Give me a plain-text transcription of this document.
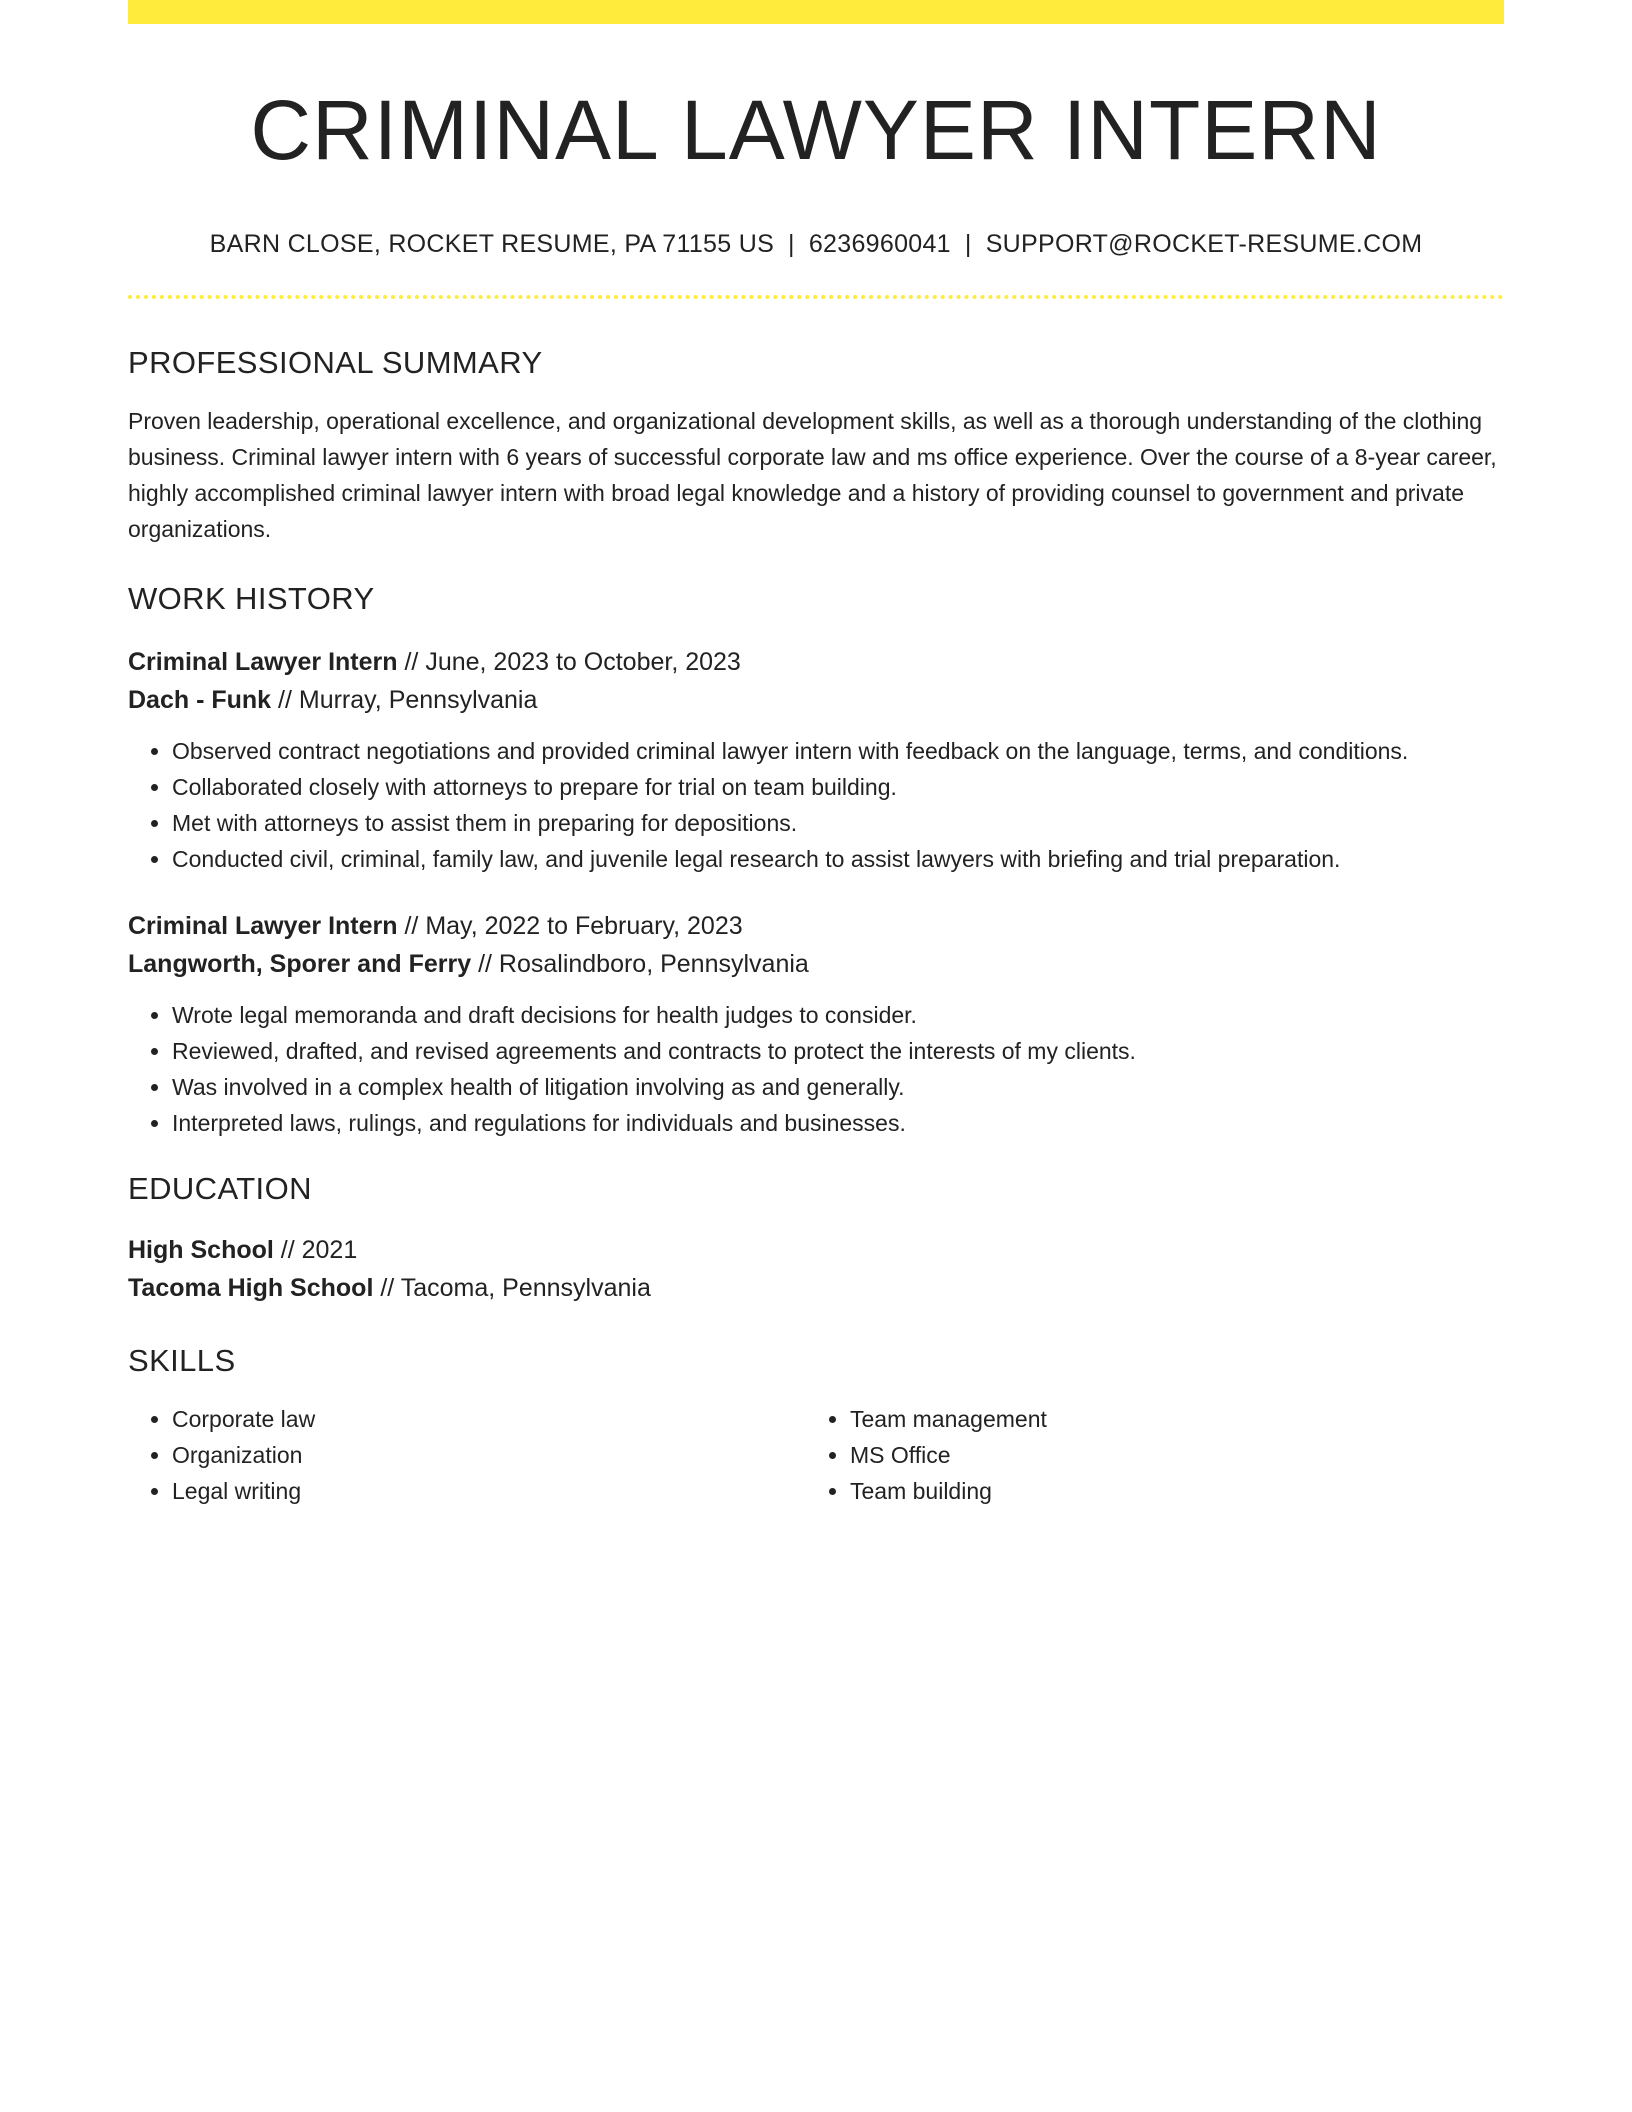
CRIMINAL LAWYER INTERN
BARN CLOSE, ROCKET RESUME, PA 71155 US | 6236960041 | SUPPORT@ROCKET-RESUME.COM
PROFESSIONAL SUMMARY
Proven leadership, operational excellence, and organizational development skills, as well as a thorough understanding of the clothing business. Criminal lawyer intern with 6 years of successful corporate law and ms office experience. Over the course of a 8-year career, highly accomplished criminal lawyer intern with broad legal knowledge and a history of providing counsel to government and private organizations.
WORK HISTORY
Criminal Lawyer Intern // June, 2023 to October, 2023
Dach - Funk // Murray, Pennsylvania
• Observed contract negotiations and provided criminal lawyer intern with feedback on the language, terms, and conditions.
• Collaborated closely with attorneys to prepare for trial on team building.
• Met with attorneys to assist them in preparing for depositions.
• Conducted civil, criminal, family law, and juvenile legal research to assist lawyers with briefing and trial preparation.
Criminal Lawyer Intern // May, 2022 to February, 2023
Langworth, Sporer and Ferry // Rosalindboro, Pennsylvania
• Wrote legal memoranda and draft decisions for health judges to consider.
• Reviewed, drafted, and revised agreements and contracts to protect the interests of my clients.
• Was involved in a complex health of litigation involving as and generally.
• Interpreted laws, rulings, and regulations for individuals and businesses.
EDUCATION
High School // 2021
Tacoma High School // Tacoma, Pennsylvania
SKILLS
• Corporate law
• Organization
• Legal writing
• Team management
• MS Office
• Team building
